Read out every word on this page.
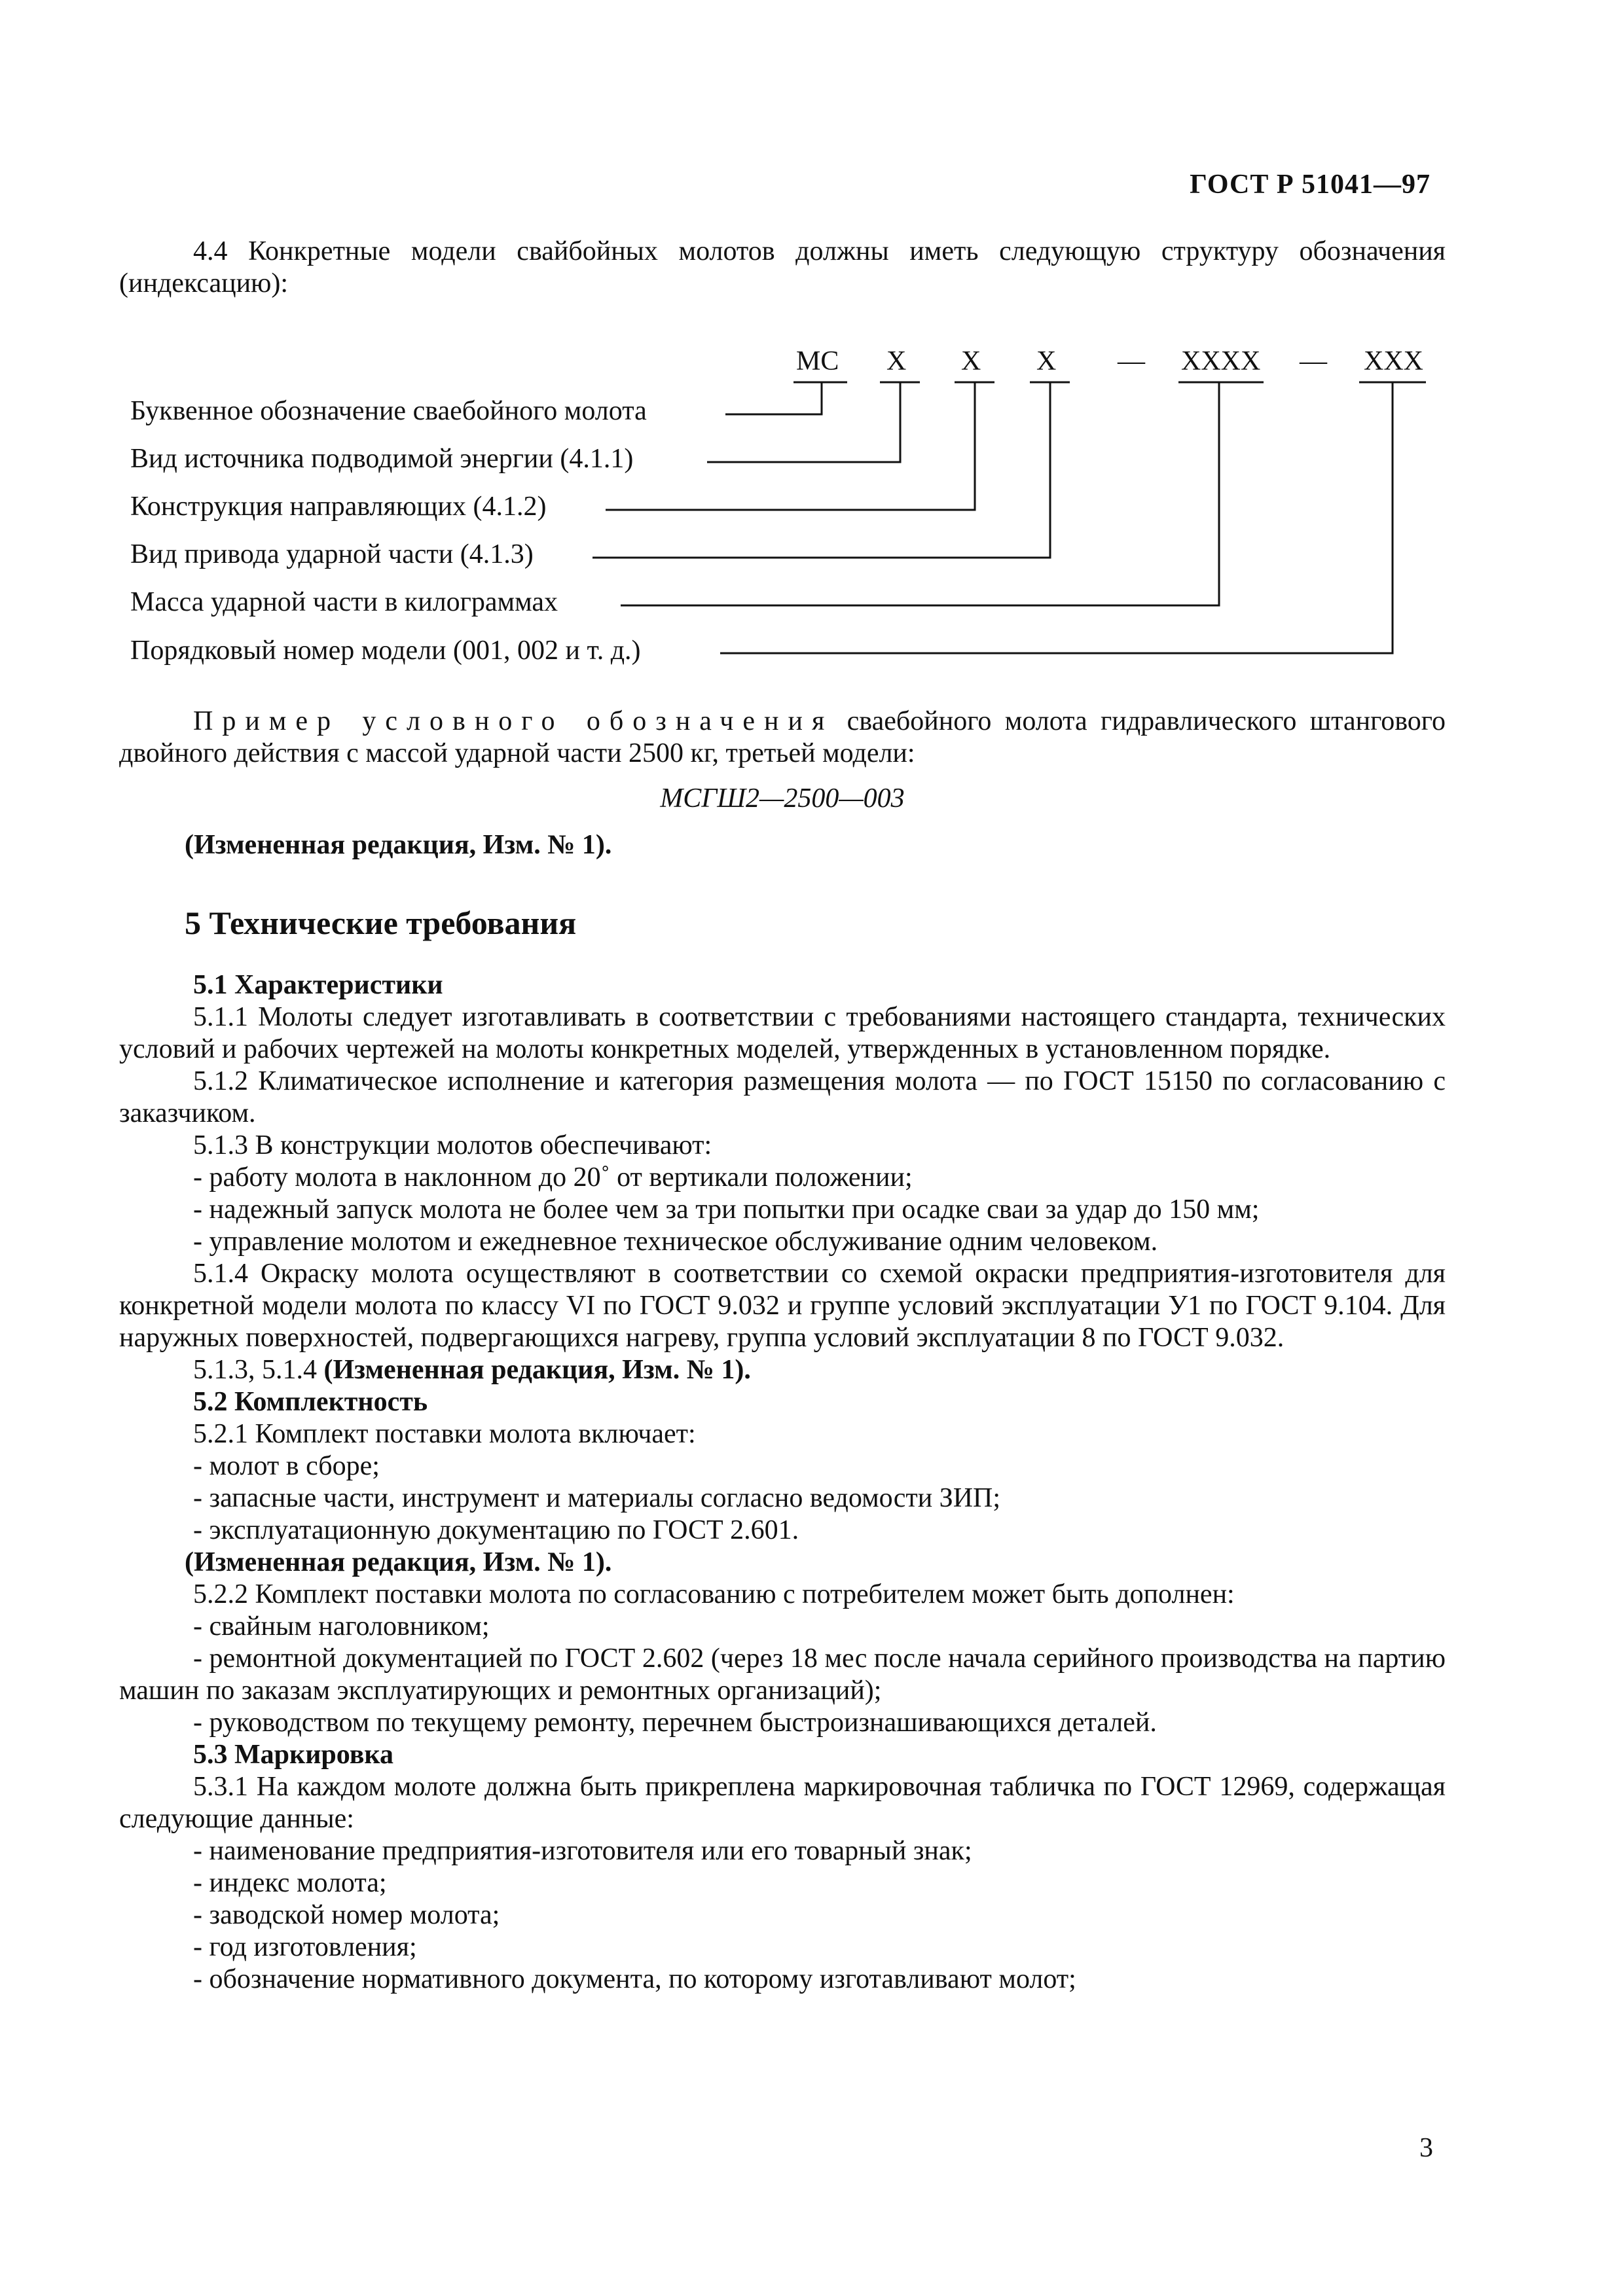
ГОСТ Р 51041—97

4.4 Конкретные модели свайбойных молотов должны иметь следующую структуру обозначения (индексацию):

МС Х Х Х — ХХХХ — ХХХ
Буквенное обозначение сваебойного молота
Вид источника подводимой энергии (4.1.1)
Конструкция направляющих (4.1.2)
Вид привода ударной части (4.1.3)
Масса ударной части в килограммах
Порядковый номер модели (001, 002 и т. д.)

Пример условного обозначения сваебойного молота гидравлического штангового двойного действия с массой ударной части 2500 кг, третьей модели:

МСГШ2—2500—003

(Измененная редакция, Изм. № 1).

5 Технические требования

5.1 Характеристики

5.1.1 Молоты следует изготавливать в соответствии с требованиями настоящего стандарта, технических условий и рабочих чертежей на молоты конкретных моделей, утвержденных в установленном порядке.

5.1.2 Климатическое исполнение и категория размещения молота — по ГОСТ 15150 по согласованию с заказчиком.

5.1.3 В конструкции молотов обеспечивают:

- работу молота в наклонном до 20˚ от вертикали положении;

- надежный запуск молота не более чем за три попытки при осадке сваи за удар до 150 мм;

- управление молотом и ежедневное техническое обслуживание одним человеком.

5.1.4 Окраску молота осуществляют в соответствии со схемой окраски предприятия-изготовителя для конкретной модели молота по классу VI по ГОСТ 9.032 и группе условий эксплуатации У1 по ГОСТ 9.104. Для наружных поверхностей, подвергающихся нагреву, группа условий эксплуатации 8 по ГОСТ 9.032.

5.1.3, 5.1.4 (Измененная редакция, Изм. № 1).

5.2 Комплектность

5.2.1 Комплект поставки молота включает:

- молот в сборе;

- запасные части, инструмент и материалы согласно ведомости ЗИП;

- эксплуатационную документацию по ГОСТ 2.601.

(Измененная редакция, Изм. № 1).

5.2.2 Комплект поставки молота по согласованию с потребителем может быть дополнен:

- свайным наголовником;

- ремонтной документацией по ГОСТ 2.602 (через 18 мес после начала серийного производства на партию машин по заказам эксплуатирующих и ремонтных организаций);

- руководством по текущему ремонту, перечнем быстроизнашивающихся деталей.

5.3 Маркировка

5.3.1 На каждом молоте должна быть прикреплена маркировочная табличка по ГОСТ 12969, содержащая следующие данные:

- наименование предприятия-изготовителя или его товарный знак;

- индекс молота;

- заводской номер молота;

- год изготовления;

- обозначение нормативного документа, по которому изготавливают молот;

3
